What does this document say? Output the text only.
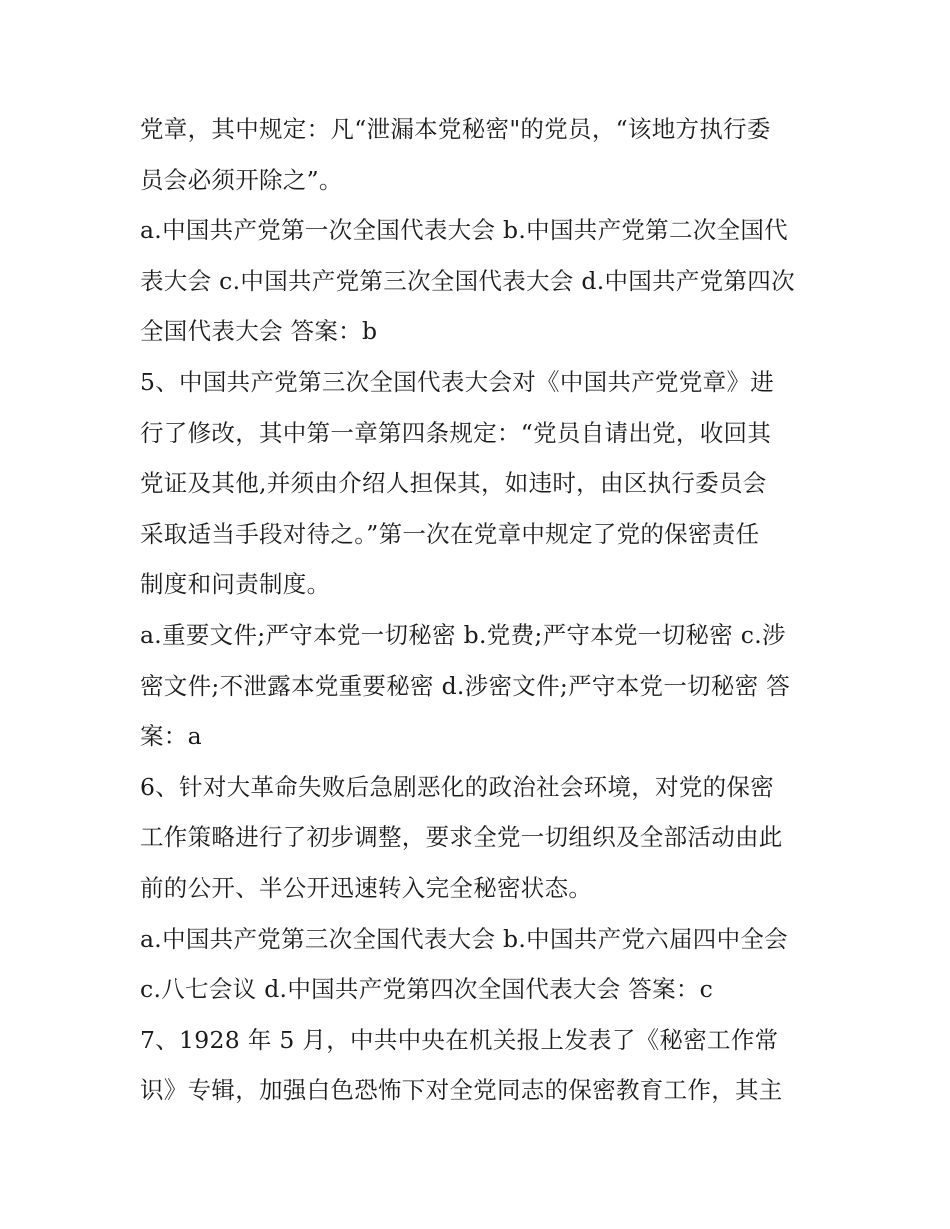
党章，其中规定：凡“泄漏本党秘密"的党员，“该地方执行委

员会必须开除之”。

a.中国共产党第一次全国代表大会 b.中国共产党第二次全国代

表大会 c.中国共产党第三次全国代表大会 d.中国共产党第四次

全国代表大会 答案：b

5、中国共产党第三次全国代表大会对《中国共产党党章》进

行了修改，其中第一章第四条规定：“党员自请出党，收回其

党证及其他,并须由介绍人担保其，如违时，由区执行委员会

采取适当手段对待之。”第一次在党章中规定了党的保密责任

制度和问责制度。

a.重要文件;严守本党一切秘密 b.党费;严守本党一切秘密 c.涉

密文件;不泄露本党重要秘密 d.涉密文件;严守本党一切秘密 答

案：a

6、针对大革命失败后急剧恶化的政治社会环境，对党的保密

工作策略进行了初步调整，要求全党一切组织及全部活动由此

前的公开、半公开迅速转入完全秘密状态。

a.中国共产党第三次全国代表大会 b.中国共产党六届四中全会

c.八七会议 d.中国共产党第四次全国代表大会 答案：c

7、1928 年 5 月，中共中央在机关报上发表了《秘密工作常

识》专辑，加强白色恐怖下对全党同志的保密教育工作，其主
